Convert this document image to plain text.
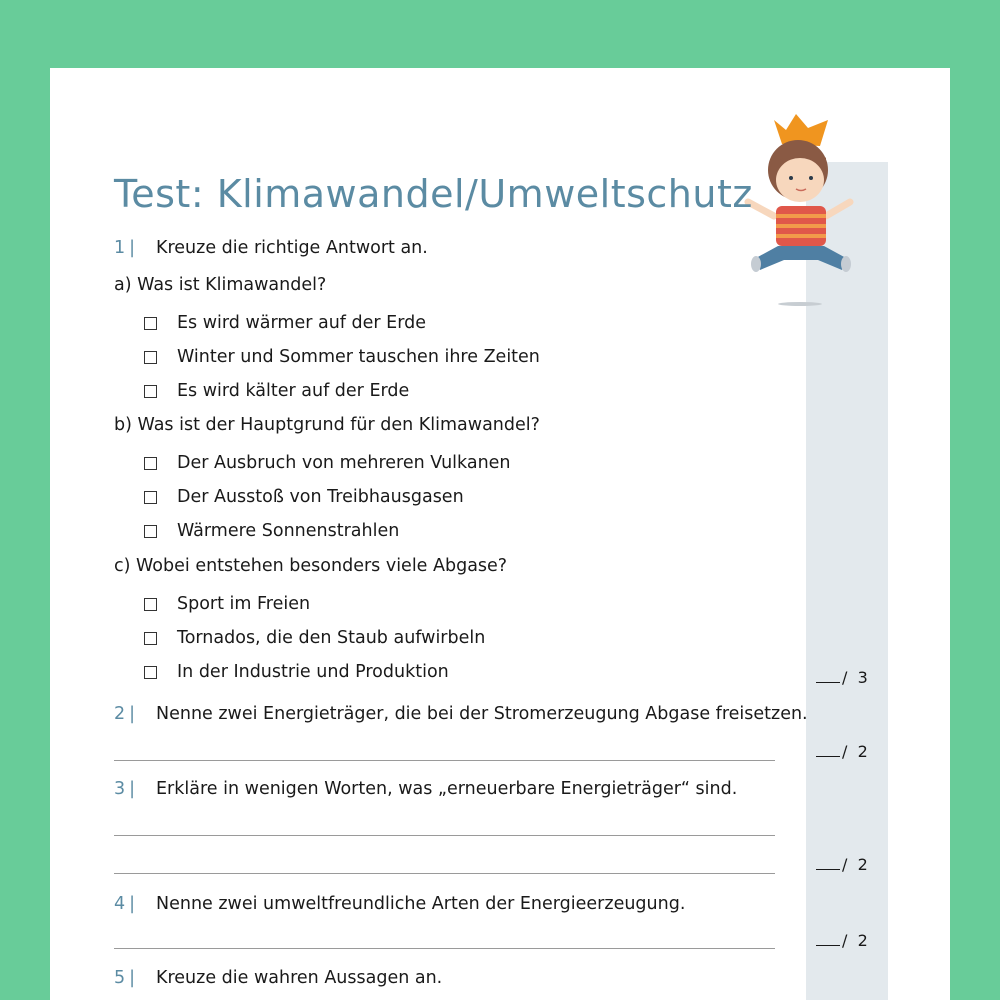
Test: Klimawandel/Umweltschutz
1 | Kreuze die richtige Antwort an.
a) Was ist Klimawandel?
Es wird wärmer auf der Erde
Winter und Sommer tauschen ihre Zeiten
Es wird kälter auf der Erde
b) Was ist der Hauptgrund für den Klimawandel?
Der Ausbruch von mehreren Vulkanen
Der Ausstoß von Treibhausgasen
Wärmere Sonnenstrahlen
c) Wobei entstehen besonders viele Abgase?
Sport im Freien
Tornados, die den Staub aufwirbeln
In der Industrie und Produktion	/ 3
2 | Nenne zwei Energieträger, die bei der Stromerzeugung Abgase freisetzen.
/ 2
3 | Erkläre in wenigen Worten, was „erneuerbare Energieträger“ sind.
/ 2
4 | Nenne zwei umweltfreundliche Arten der Energieerzeugung.
/ 2
5 | Kreuze die wahren Aussagen an.
